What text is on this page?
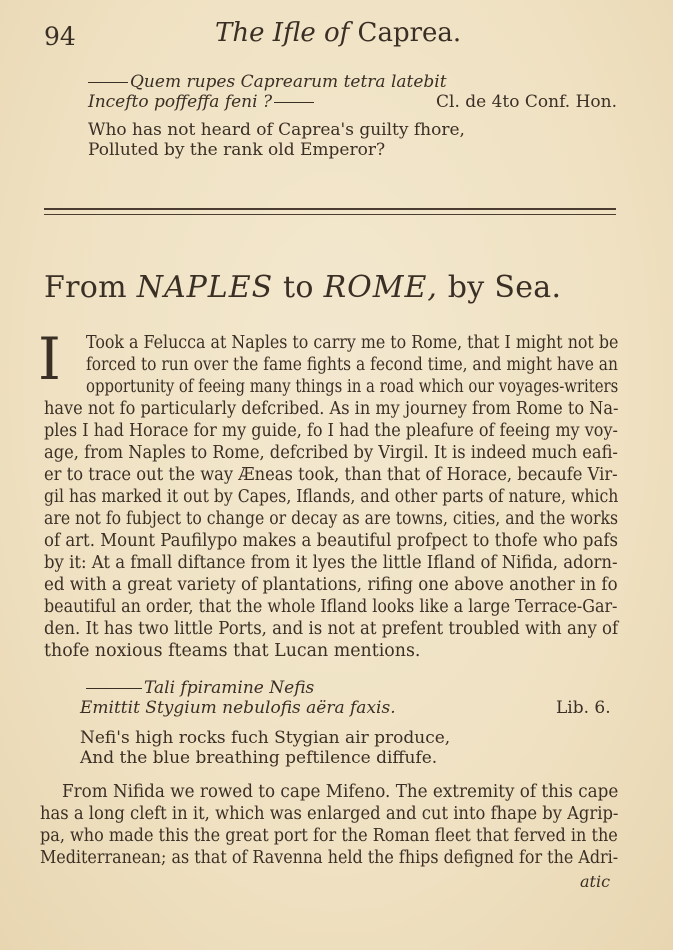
94	The Ifle of Caprea.
Quem rupes Caprearum tetra latebit
Incefto poffeffa feni ?	Cl. de 4to Conf. Hon.
Who has not heard of Caprea's guilty fhore,
Polluted by the rank old Emperor?
From NAPLES to ROME, by Sea.
I Took a Felucca at Naples to carry me to Rome, that I might not be
forced to run over the fame fights a fecond time, and might have an
opportunity of feeing many things in a road which our voyages-writers
have not fo particularly defcribed. As in my journey from Rome to Na-
ples I had Horace for my guide, fo I had the pleafure of feeing my voy-
age, from Naples to Rome, defcribed by Virgil. It is indeed much eafi-
er to trace out the way Æneas took, than that of Horace, becaufe Vir-
gil has marked it out by Capes, Iflands, and other parts of nature, which
are not fo fubject to change or decay as are towns, cities, and the works
of art. Mount Paufilypo makes a beautiful profpect to thofe who pafs
by it: At a fmall diftance from it lyes the little Ifland of Nifida, adorn-
ed with a great variety of plantations, rifing one above another in fo
beautiful an order, that the whole Ifland looks like a large Terrace-Gar-
den. It has two little Ports, and is not at prefent troubled with any of
thofe noxious fteams that Lucan mentions.
Tali fpiramine Nefis
Emittit Stygium nebulofis aëra faxis.	Lib. 6.
Nefi's high rocks fuch Stygian air produce,
And the blue breathing peftilence diffufe.
From Nifida we rowed to cape Mifeno. The extremity of this cape
has a long cleft in it, which was enlarged and cut into fhape by Agrip-
pa, who made this the great port for the Roman fleet that ferved in the
Mediterranean; as that of Ravenna held the fhips defigned for the Adri-
atic
